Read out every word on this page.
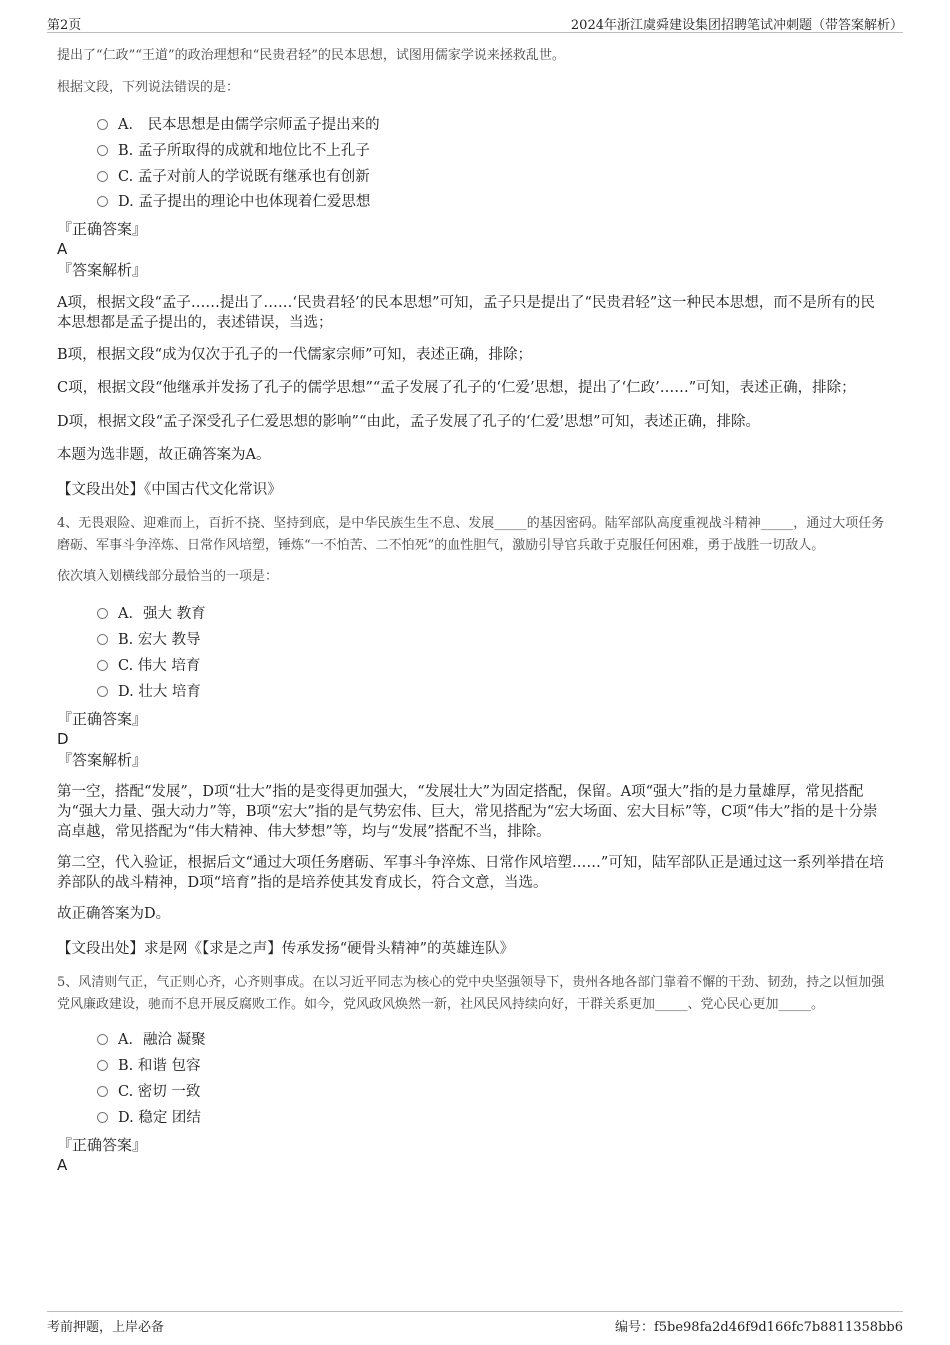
第2页	2024年浙江虞舜建设集团招聘笔试冲刺题（带答案解析）
提出了“仁政”“王道”的政治理想和“民贵君轻”的民本思想，试图用儒家学说来拯救乱世。
根据文段，下列说法错误的是：
A． 民本思想是由儒学宗师孟子提出来的
B. 孟子所取得的成就和地位比不上孔子
C. 孟子对前人的学说既有继承也有创新
D. 孟子提出的理论中也体现着仁爱思想
『正确答案』
A
『答案解析』
A项，根据文段“孟子……提出了……‘民贵君轻’的民本思想”可知，孟子只是提出了“民贵君轻”这一种民本思想，而不是所有的民本思想都是孟子提出的，表述错误，当选；
B项，根据文段“成为仅次于孔子的一代儒家宗师”可知，表述正确，排除；
C项，根据文段“他继承并发扬了孔子的儒学思想”“孟子发展了孔子的‘仁爱’思想，提出了‘仁政’……”可知，表述正确，排除；
D项，根据文段“孟子深受孔子仁爱思想的影响”“由此，孟子发展了孔子的‘仁爱’思想”可知，表述正确，排除。
本题为选非题，故正确答案为A。
【文段出处】《中国古代文化常识》
4、无畏艰险、迎难而上，百折不挠、坚持到底，是中华民族生生不息、发展_____的基因密码。陆军部队高度重视战斗精神_____，通过大项任务磨砺、军事斗争淬炼、日常作风培塑，锤炼“一不怕苦、二不怕死”的血性胆气，激励引导官兵敢于克服任何困难，勇于战胜一切敌人。
依次填入划横线部分最恰当的一项是：
A．强大 教育
B. 宏大 教导
C. 伟大 培育
D. 壮大 培育
『正确答案』
D
『答案解析』
第一空，搭配“发展”，D项“壮大”指的是变得更加强大，“发展壮大”为固定搭配，保留。A项“强大”指的是力量雄厚，常见搭配为“强大力量、强大动力”等，B项“宏大”指的是气势宏伟、巨大，常见搭配为“宏大场面、宏大目标”等，C项“伟大”指的是十分崇高卓越，常见搭配为“伟大精神、伟大梦想”等，均与“发展”搭配不当，排除。
第二空，代入验证，根据后文“通过大项任务磨砺、军事斗争淬炼、日常作风培塑……”可知，陆军部队正是通过这一系列举措在培养部队的战斗精神，D项“培育”指的是培养使其发育成长，符合文意，当选。
故正确答案为D。
【文段出处】求是网《【求是之声】传承发扬“硬骨头精神”的英雄连队》
5、风清则气正，气正则心齐，心齐则事成。在以习近平同志为核心的党中央坚强领导下，贵州各地各部门靠着不懈的干劲、韧劲，持之以恒加强党风廉政建设，驰而不息开展反腐败工作。如今，党风政风焕然一新，社风民风持续向好，干群关系更加_____、党心民心更加_____。
A．融洽 凝聚
B. 和谐 包容
C. 密切 一致
D. 稳定 团结
『正确答案』
A
考前押题，上岸必备	编号：f5be98fa2d46f9d166fc7b8811358bb6
